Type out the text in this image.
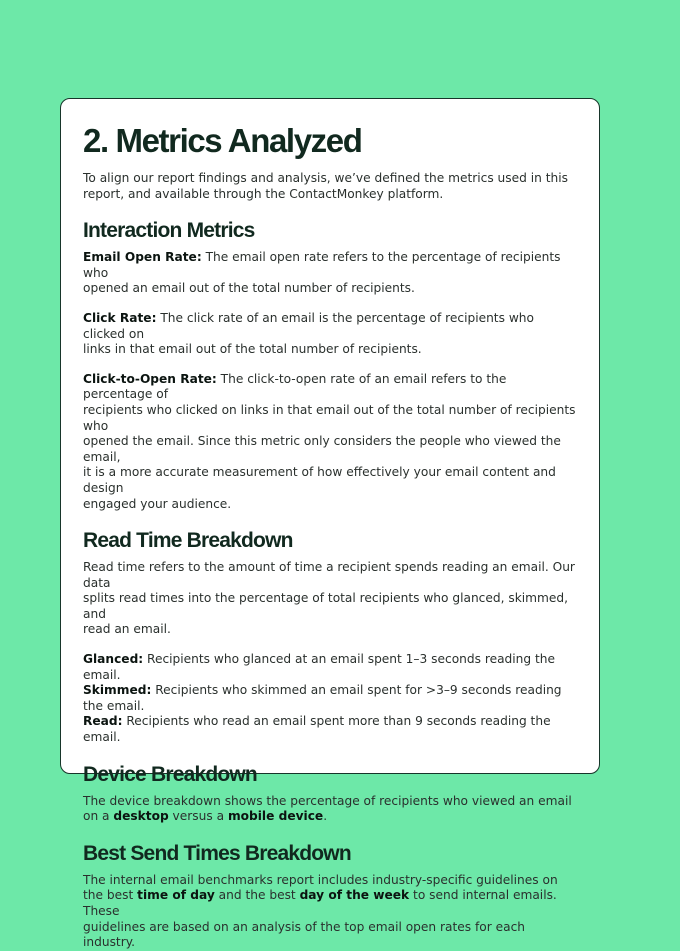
2. Metrics Analyzed

To align our report findings and analysis, we’ve defined the metrics used in this
report, and available through the ContactMonkey platform.

Interaction Metrics

Email Open Rate: The email open rate refers to the percentage of recipients who
opened an email out of the total number of recipients.

Click Rate: The click rate of an email is the percentage of recipients who clicked on
links in that email out of the total number of recipients.

Click-to-Open Rate: The click-to-open rate of an email refers to the percentage of
recipients who clicked on links in that email out of the total number of recipients who
opened the email. Since this metric only considers the people who viewed the email,
it is a more accurate measurement of how effectively your email content and design
engaged your audience.

Read Time Breakdown

Read time refers to the amount of time a recipient spends reading an email. Our data
splits read times into the percentage of total recipients who glanced, skimmed, and
read an email.

Glanced: Recipients who glanced at an email spent 1–3 seconds reading the email.
Skimmed: Recipients who skimmed an email spent for >3–9 seconds reading the email.
Read: Recipients who read an email spent more than 9 seconds reading the email.

Device Breakdown

The device breakdown shows the percentage of recipients who viewed an email
on a desktop versus a mobile device.

Best Send Times Breakdown

The internal email benchmarks report includes industry-specific guidelines on
the best time of day and the best day of the week to send internal emails. These
guidelines are based on an analysis of the top email open rates for each industry.
